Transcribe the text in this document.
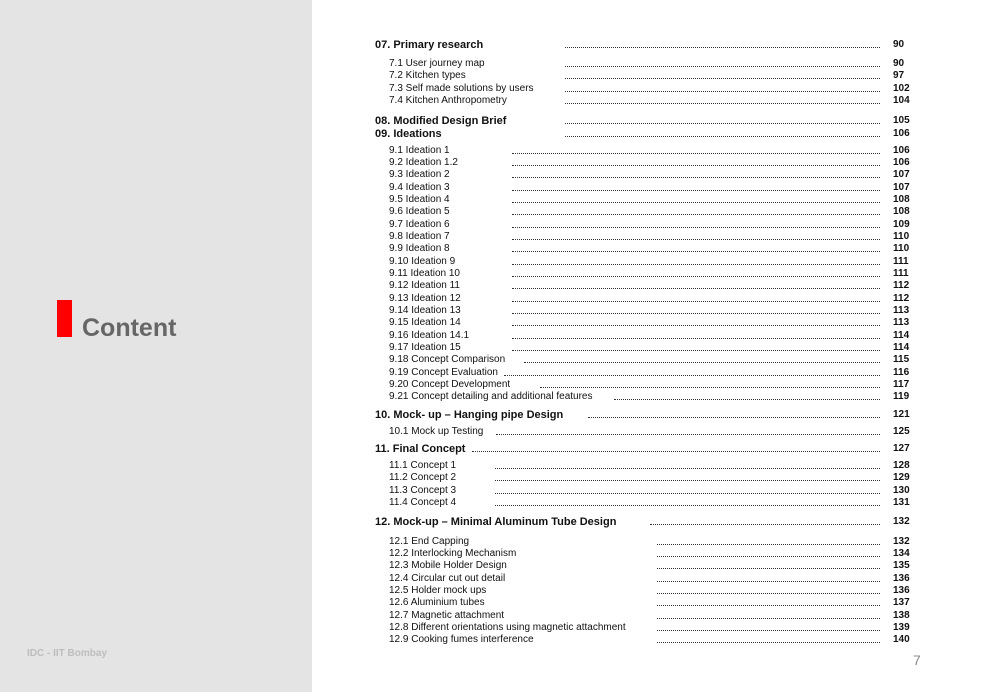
Content
IDC - IIT Bombay
07. Primary research	90
7.1 User journey map	90
7.2 Kitchen types	97
7.3 Self made solutions by users	102
7.4 Kitchen Anthropometry	104
08. Modified Design Brief	105
09. Ideations	106
9.1 Ideation 1	106
9.2 Ideation 1.2	106
9.3 Ideation 2	107
9.4 Ideation 3	107
9.5 Ideation 4	108
9.6 Ideation 5	108
9.7 Ideation 6	109
9.8 Ideation 7	110
9.9 Ideation 8	110
9.10 Ideation 9	111
9.11 Ideation 10	111
9.12 Ideation 11	112
9.13 Ideation 12	112
9.14 Ideation 13	113
9.15 Ideation 14	113
9.16 Ideation 14.1	114
9.17 Ideation 15	114
9.18 Concept Comparison	115
9.19 Concept Evaluation	116
9.20 Concept Development	117
9.21 Concept detailing and additional features	119
10. Mock- up – Hanging pipe Design	121
10.1 Mock up Testing	125
11. Final Concept	127
11.1 Concept 1	128
11.2 Concept 2	129
11.3 Concept 3	130
11.4 Concept 4	131
12. Mock-up – Minimal Aluminum Tube Design	132
12.1 End Capping	132
12.2 Interlocking Mechanism	134
12.3 Mobile Holder Design	135
12.4 Circular cut out detail	136
12.5 Holder mock ups	136
12.6 Aluminium tubes	137
12.7 Magnetic attachment	138
12.8 Different orientations using magnetic attachment	139
12.9 Cooking fumes interference	140
7
